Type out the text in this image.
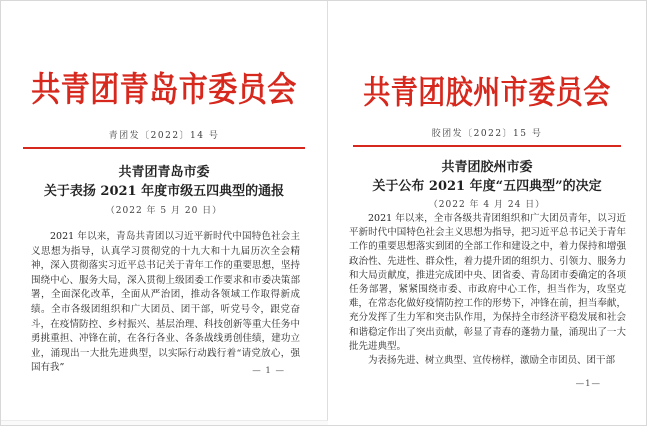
共青团青岛市委员会
青团发〔2022〕14 号
共青团青岛市委
关于表扬 2021 年度市级五四典型的通报
（2022 年 5 月 20 日）

2021 年以来，青岛共青团以习近平新时代中国特色社会主义思想为指导，认真学习贯彻党的十九大和十九届历次全会精神，深入贯彻落实习近平总书记关于青年工作的重要思想，坚持围绕中心、服务大局，深入贯彻上级团委工作要求和市委决策部署，全面深化改革，全面从严治团，推动各领域工作取得新成绩。全市各级团组织和广大团员、团干部，听党号令，跟党奋斗，在疫情防控、乡村振兴、基层治理、科技创新等重大任务中勇挑重担、冲锋在前，在各行各业、各条战线勇创佳绩，建功立业，涌现出一大批先进典型，以实际行动践行着“请党放心，强国有我”	— 1 —
共青团胶州市委员会
胶团发〔2022〕15 号
共青团胶州市委
关于公布 2021 年度“五四典型”的决定
（2022 年 4 月 24 日）

2021 年以来，全市各级共青团组织和广大团员青年，以习近平新时代中国特色社会主义思想为指导，把习近平总书记关于青年工作的重要思想落实到团的全部工作和建设之中，着力保持和增强政治性、先进性、群众性，着力提升团的组织力、引领力、服务力和大局贡献度，推进完成团中央、团省委、青岛团市委确定的各项任务部署，紧紧围绕市委、市政府中心工作，担当作为，攻坚克难，在常态化做好疫情防控工作的形势下，冲锋在前，担当奉献，充分发挥了生力军和突击队作用，为保持全市经济平稳发展和社会和谐稳定作出了突出贡献，彰显了青春的蓬勃力量，涌现出了一大批先进典型。

为表扬先进、树立典型、宣传榜样，激励全市团员、团干部

—1—
